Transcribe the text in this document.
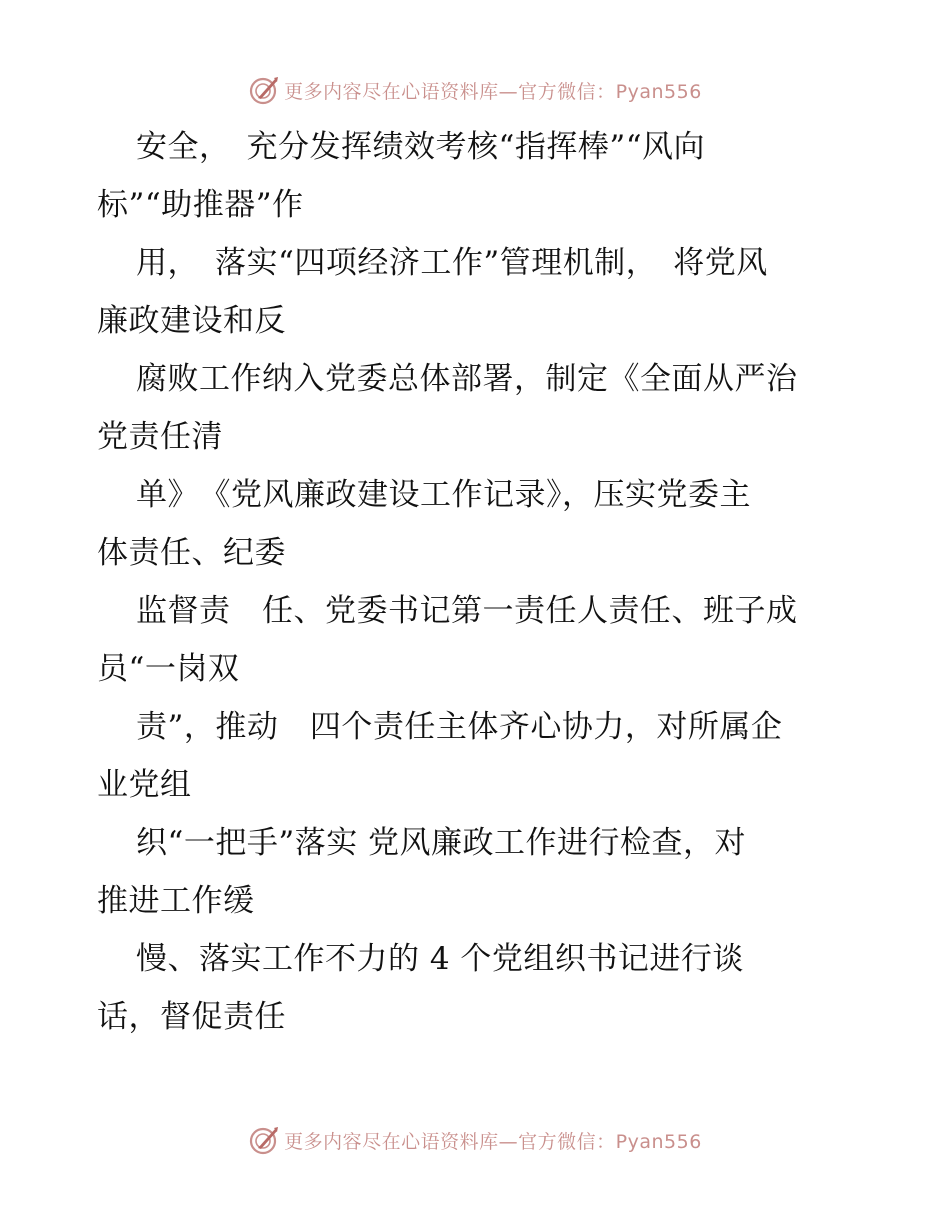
更多内容尽在心语资料库—官方微信：Pyan556
安全，　充分发挥绩效考核“指挥棒”“风向
标”“助推器”作
用，　落实“四项经济工作”管理机制，　将党风
廉政建设和反
腐败工作纳入党委总体部署，制定《全面从严治
党责任清
单》　《党风廉政建设工作记录》，压实党委主
体责任、纪委
监督责　任、党委书记第一责任人责任、班子成
员“一岗双
责”，推动　四个责任主体齐心协力，对所属企
业党组
织“一把手”落实 党风廉政工作进行检查，对
推进工作缓
慢、落实工作不力的 4 个党组织书记进行谈
话，督促责任
更多内容尽在心语资料库—官方微信：Pyan556
